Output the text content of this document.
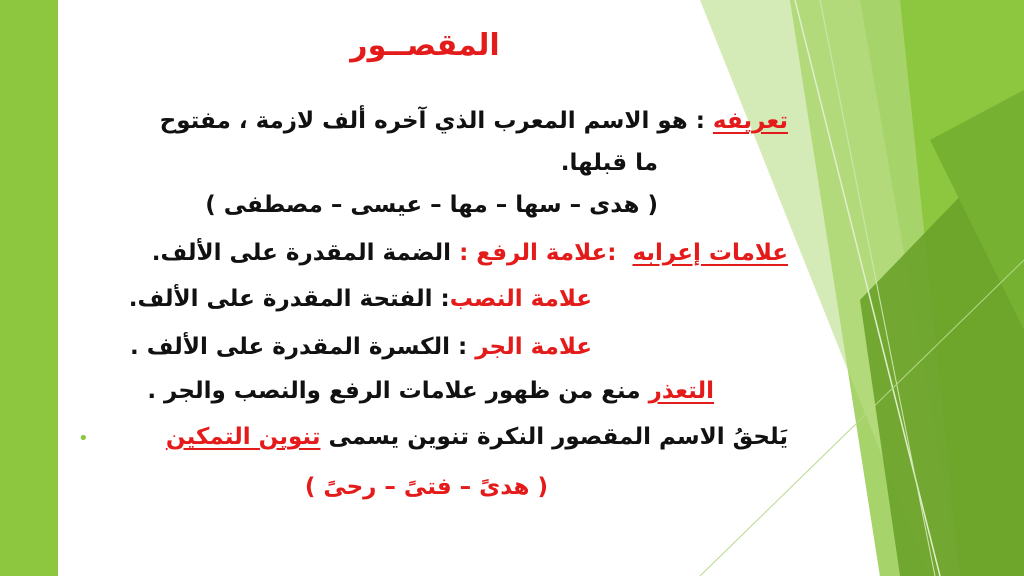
المقصــور
تعريفه : هو الاسم المعرب الذي آخره ألف لازمة ، مفتوح
ما قبلها.
( هدى – سها – مها – عيسى – مصطفى )
علامات إعرابه  :علامة الرفع : الضمة المقدرة على الألف.
علامة النصب: الفتحة المقدرة على الألف.
علامة الجر : الكسرة المقدرة على الألف .
التعذر منع من ظهور علامات الرفع والنصب والجر .
•	يَلحقُ الاسم المقصور النكرة تنوين يسمى تنوين التمكين
( هدىً – فتىً – رحىً )
